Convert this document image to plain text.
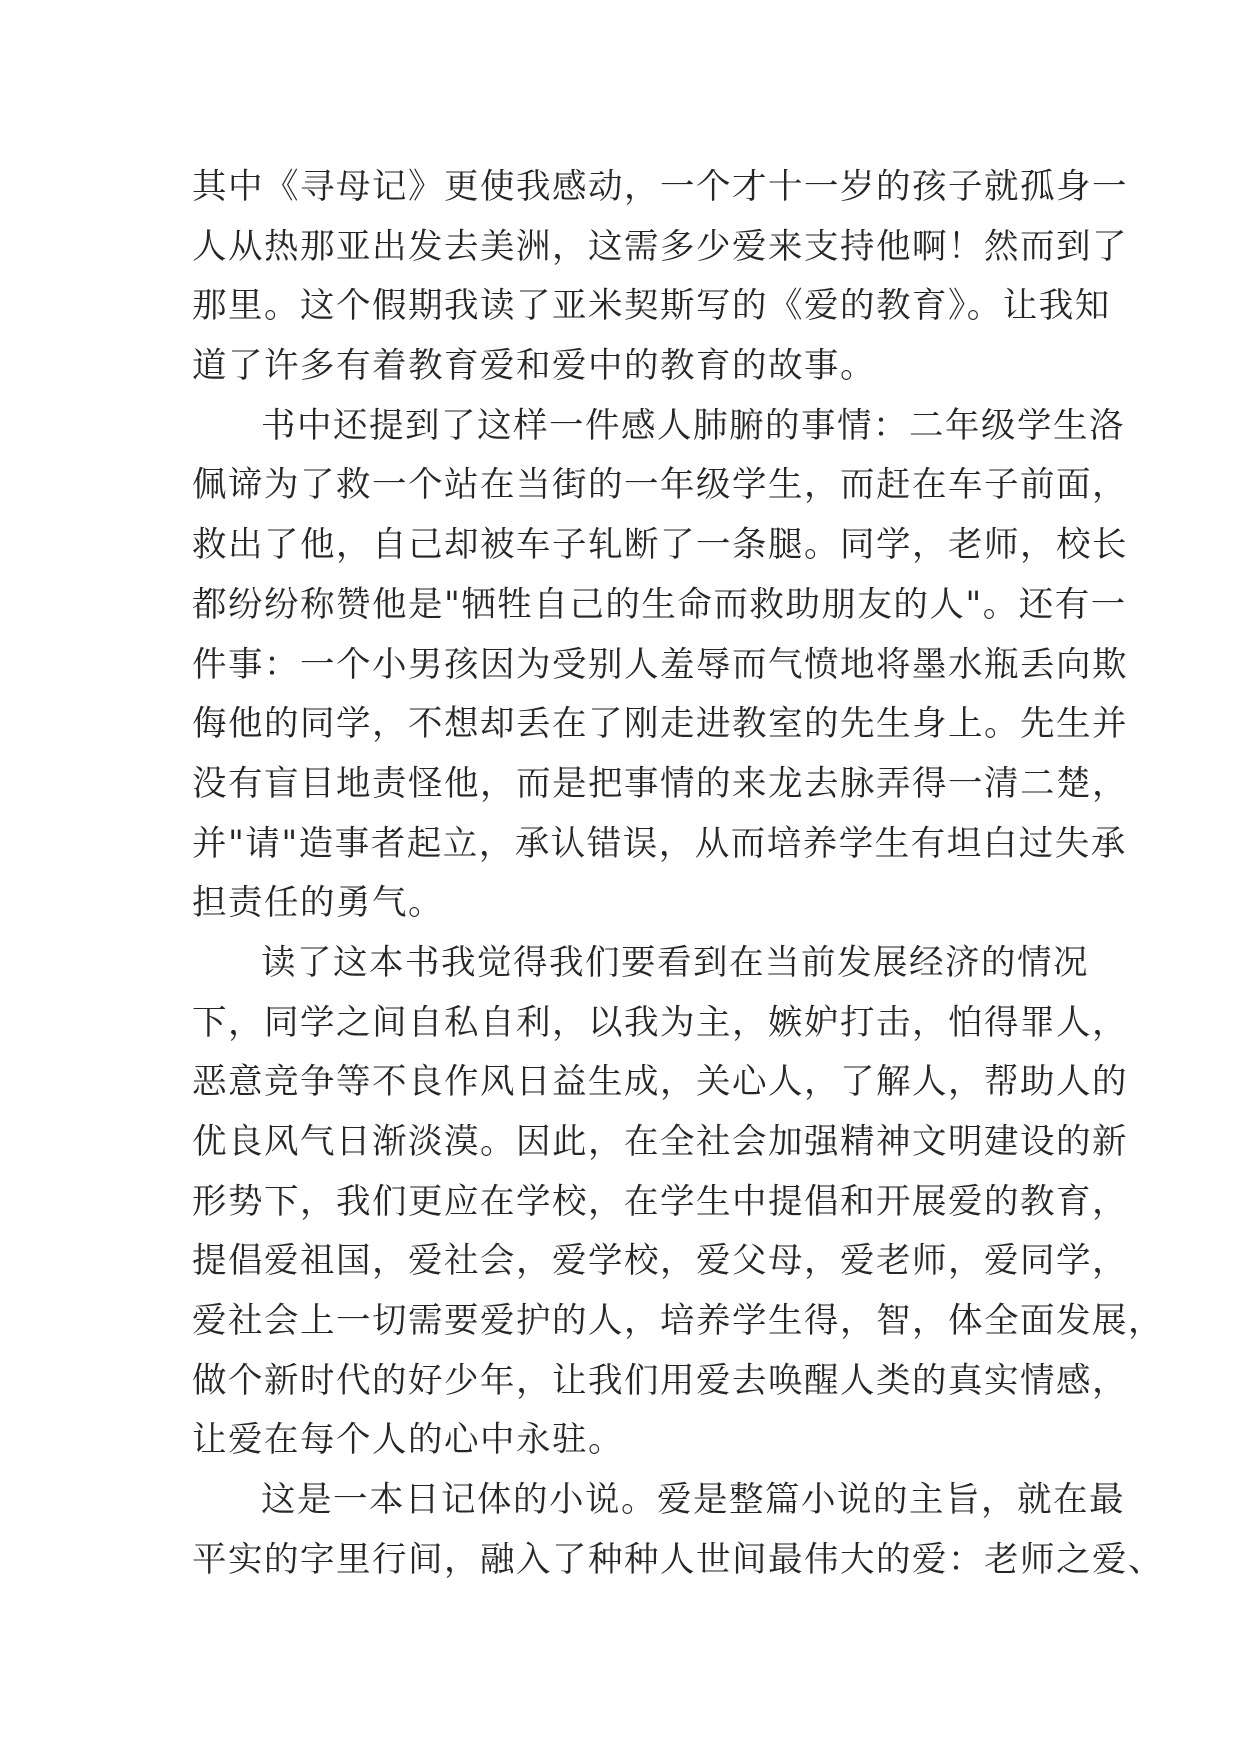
其中《寻母记》更使我感动，一个才十一岁的孩子就孤身一
人从热那亚出发去美洲，这需多少爱来支持他啊！然而到了
那里。这个假期我读了亚米契斯写的《爱的教育》。让我知
道了许多有着教育爱和爱中的教育的故事。
书中还提到了这样一件感人肺腑的事情：二年级学生洛
佩谛为了救一个站在当街的一年级学生，而赶在车子前面，
救出了他，自己却被车子轧断了一条腿。同学，老师，校长
都纷纷称赞他是"牺牲自己的生命而救助朋友的人"。还有一
件事：一个小男孩因为受别人羞辱而气愤地将墨水瓶丢向欺
侮他的同学，不想却丢在了刚走进教室的先生身上。先生并
没有盲目地责怪他，而是把事情的来龙去脉弄得一清二楚，
并"请"造事者起立，承认错误，从而培养学生有坦白过失承
担责任的勇气。
读了这本书我觉得我们要看到在当前发展经济的情况
下，同学之间自私自利，以我为主，嫉妒打击，怕得罪人，
恶意竞争等不良作风日益生成，关心人，了解人，帮助人的
优良风气日渐淡漠。因此，在全社会加强精神文明建设的新
形势下，我们更应在学校，在学生中提倡和开展爱的教育，
提倡爱祖国，爱社会，爱学校，爱父母，爱老师，爱同学，
爱社会上一切需要爱护的人，培养学生得，智，体全面发展，
做个新时代的好少年，让我们用爱去唤醒人类的真实情感，
让爱在每个人的心中永驻。
这是一本日记体的小说。爱是整篇小说的主旨，就在最
平实的字里行间，融入了种种人世间最伟大的爱：老师之爱、
